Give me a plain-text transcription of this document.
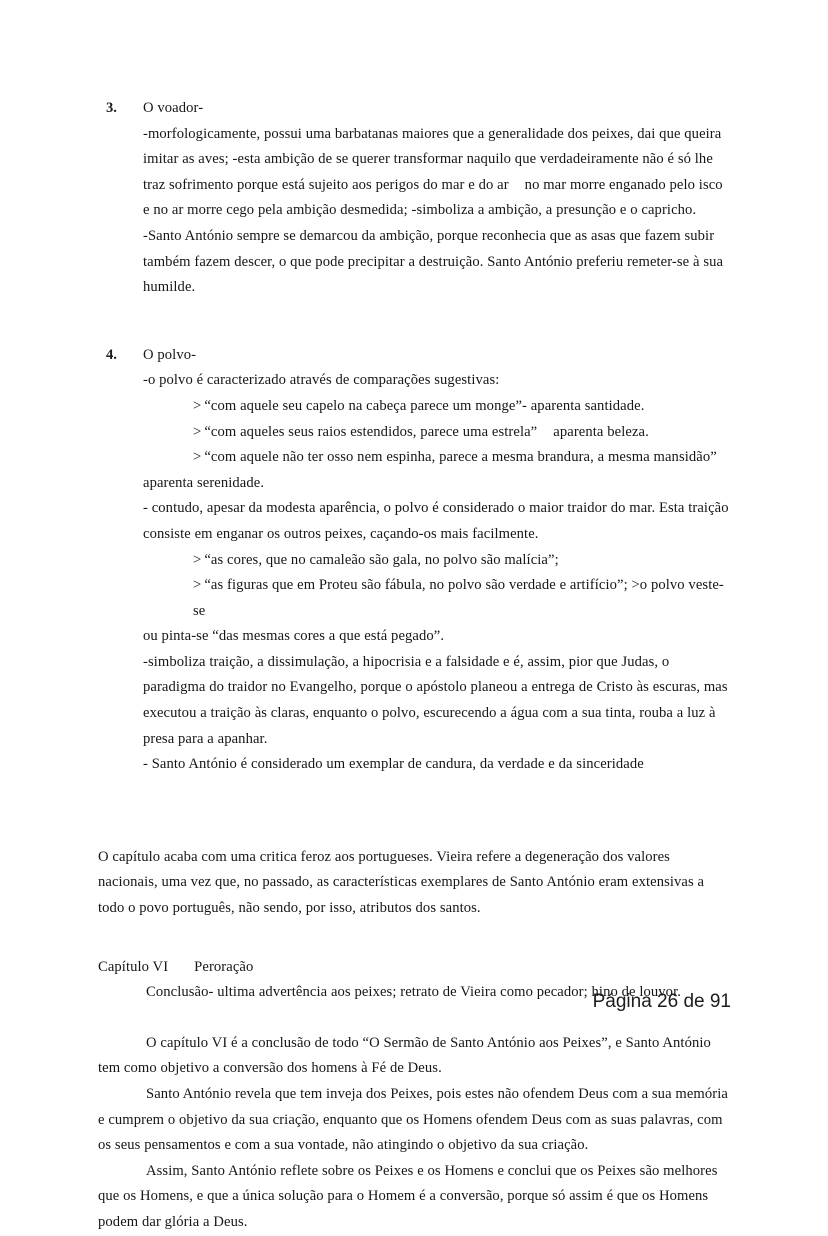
3. O voador-
-morfologicamente, possui uma barbatanas maiores que a generalidade dos peixes, dai que queira imitar as aves; -esta ambição de se querer transformar naquilo que verdadeiramente não é só lhe traz sofrimento porque está sujeito aos perigos do mar e do ar no mar morre enganado pelo isco e no ar morre cego pela ambição desmedida; -simboliza a ambição, a presunção e o capricho.
-Santo António sempre se demarcou da ambição, porque reconhecia que as asas que fazem subir também fazem descer, o que pode precipitar a destruição. Santo António preferiu remeter-se à sua humilde.
4. O polvo-
-o polvo é caracterizado através de comparações sugestivas:
> “com aquele seu capelo na cabeça parece um monge”- aparenta santidade.
> “com aqueles seus raios estendidos, parece uma estrela” aparenta beleza.
> “com aquele não ter osso nem espinha, parece a mesma brandura, a mesma mansidão”
aparenta serenidade.
- contudo, apesar da modesta aparência, o polvo é considerado o maior traidor do mar. Esta traição consiste em enganar os outros peixes, caçando-os mais facilmente.
> “as cores, que no camaleão são gala, no polvo são malícia”;
> “as figuras que em Proteu são fábula, no polvo são verdade e artifício”; >o polvo veste-se
ou pinta-se “das mesmas cores a que está pegado”.
-simboliza traição, a dissimulação, a hipocrisia e a falsidade e é, assim, pior que Judas, o paradigma do traidor no Evangelho, porque o apóstolo planeou a entrega de Cristo às escuras, mas executou a traição às claras, enquanto o polvo, escurecendo a água com a sua tinta, rouba a luz à presa para a apanhar.
- Santo António é considerado um exemplar de candura, da verdade e da sinceridade
O capítulo acaba com uma critica feroz aos portugueses. Vieira refere a degeneração dos valores nacionais, uma vez que, no passado, as características exemplares de Santo António eram extensivas a todo o povo português, não sendo, por isso, atributos dos santos.
Capítulo VI Peroração
Conclusão- ultima advertência aos peixes; retrato de Vieira como pecador; hino de louvor.
O capítulo VI é a conclusão de todo “O Sermão de Santo António aos Peixes”, e Santo António tem como objetivo a conversão dos homens à Fé de Deus.
Santo António revela que tem inveja dos Peixes, pois estes não ofendem Deus com a sua memória e cumprem o objetivo da sua criação, enquanto que os Homens ofendem Deus com as suas palavras, com os seus pensamentos e com a sua vontade, não atingindo o objetivo da sua criação.
Assim, Santo António reflete sobre os Peixes e os Homens e conclui que os Peixes são melhores que os Homens, e que a única solução para o Homem é a conversão, porque só assim é que os Homens podem dar glória a Deus.
Página 26 de 91
